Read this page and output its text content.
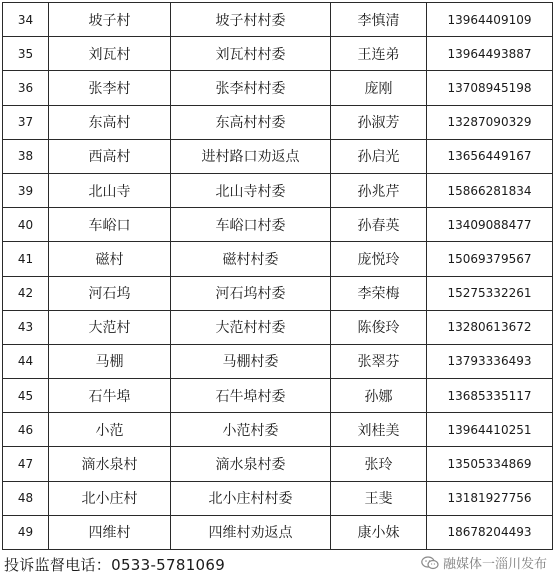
34	坡子村	坡子村村委	李慎清	13964409109
35	刘瓦村	刘瓦村村委	王连弟	13964493887
36	张李村	张李村村委	庞刚	13708945198
37	东高村	东高村村委	孙淑芳	13287090329
38	西高村	进村路口劝返点	孙启光	13656449167
39	北山寺	北山寺村委	孙兆芹	15866281834
40	车峪口	车峪口村委	孙春英	13409088477
41	磁村	磁村村委	庞悦玲	15069379567
42	河石坞	河石坞村委	李荣梅	15275332261
43	大范村	大范村村委	陈俊玲	13280613672
44	马棚	马棚村委	张翠芬	13793336493
45	石牛埠	石牛埠村委	孙娜	13685335117
46	小范	小范村委	刘桂美	13964410251
47	滴水泉村	滴水泉村委	张玲	13505334869
48	北小庄村	北小庄村村委	王斐	13181927756
49	四维村	四维村劝返点	康小妹	18678204493
投诉监督电话：0533-5781069	融媒体一淄川发布
